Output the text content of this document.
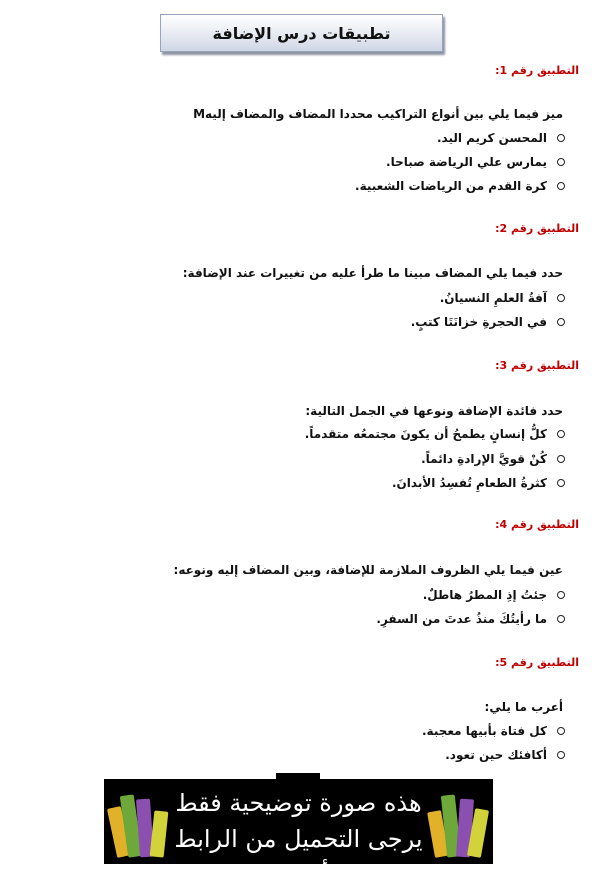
تطبيقات درس الإضافة
التطبيق رقم 1:
ميز فيما يلي بين أنواع التراكيب محددا المضاف والمضاف إليهM
المحسن كريم اليد.
يمارس علي الرياضة صباحا.
كرة القدم من الرياضات الشعبية.
التطبيق رقم 2:
حدد فيما يلي المضاف مبينا ما طرأ عليه من تغييرات عند الإضافة:
آفةُ العلمِ النسيانُ.
في الحجرةِ خزانَتَا كتبٍ.
التطبيق رقم 3:
حدد فائدة الإضافة ونوعها في الجمل التالية:
كلُّ إنسانٍ يطمحُ أن يكونَ مجتمعُه متقدماً.
كُنْ قويَّ الإرادةِ دائماً.
كثرةُ الطعامِ تُفسِدُ الأبدانَ.
التطبيق رقم 4:
عين فيما يلي الظروف الملازمة للإضافة، وبين المضاف إليه ونوعه:
جئتُ إذِ المطرُ هاطلٌ.
ما رأيتُكَ منذُ عدتَ من السفرِ.
التطبيق رقم 5:
أعرب ما يلي:
كل فتاة بأبيها معجبة.
أكافئك حين تعود.
هذه صورة توضيحية فقط
يرجى التحميل من الرابط أسفله
